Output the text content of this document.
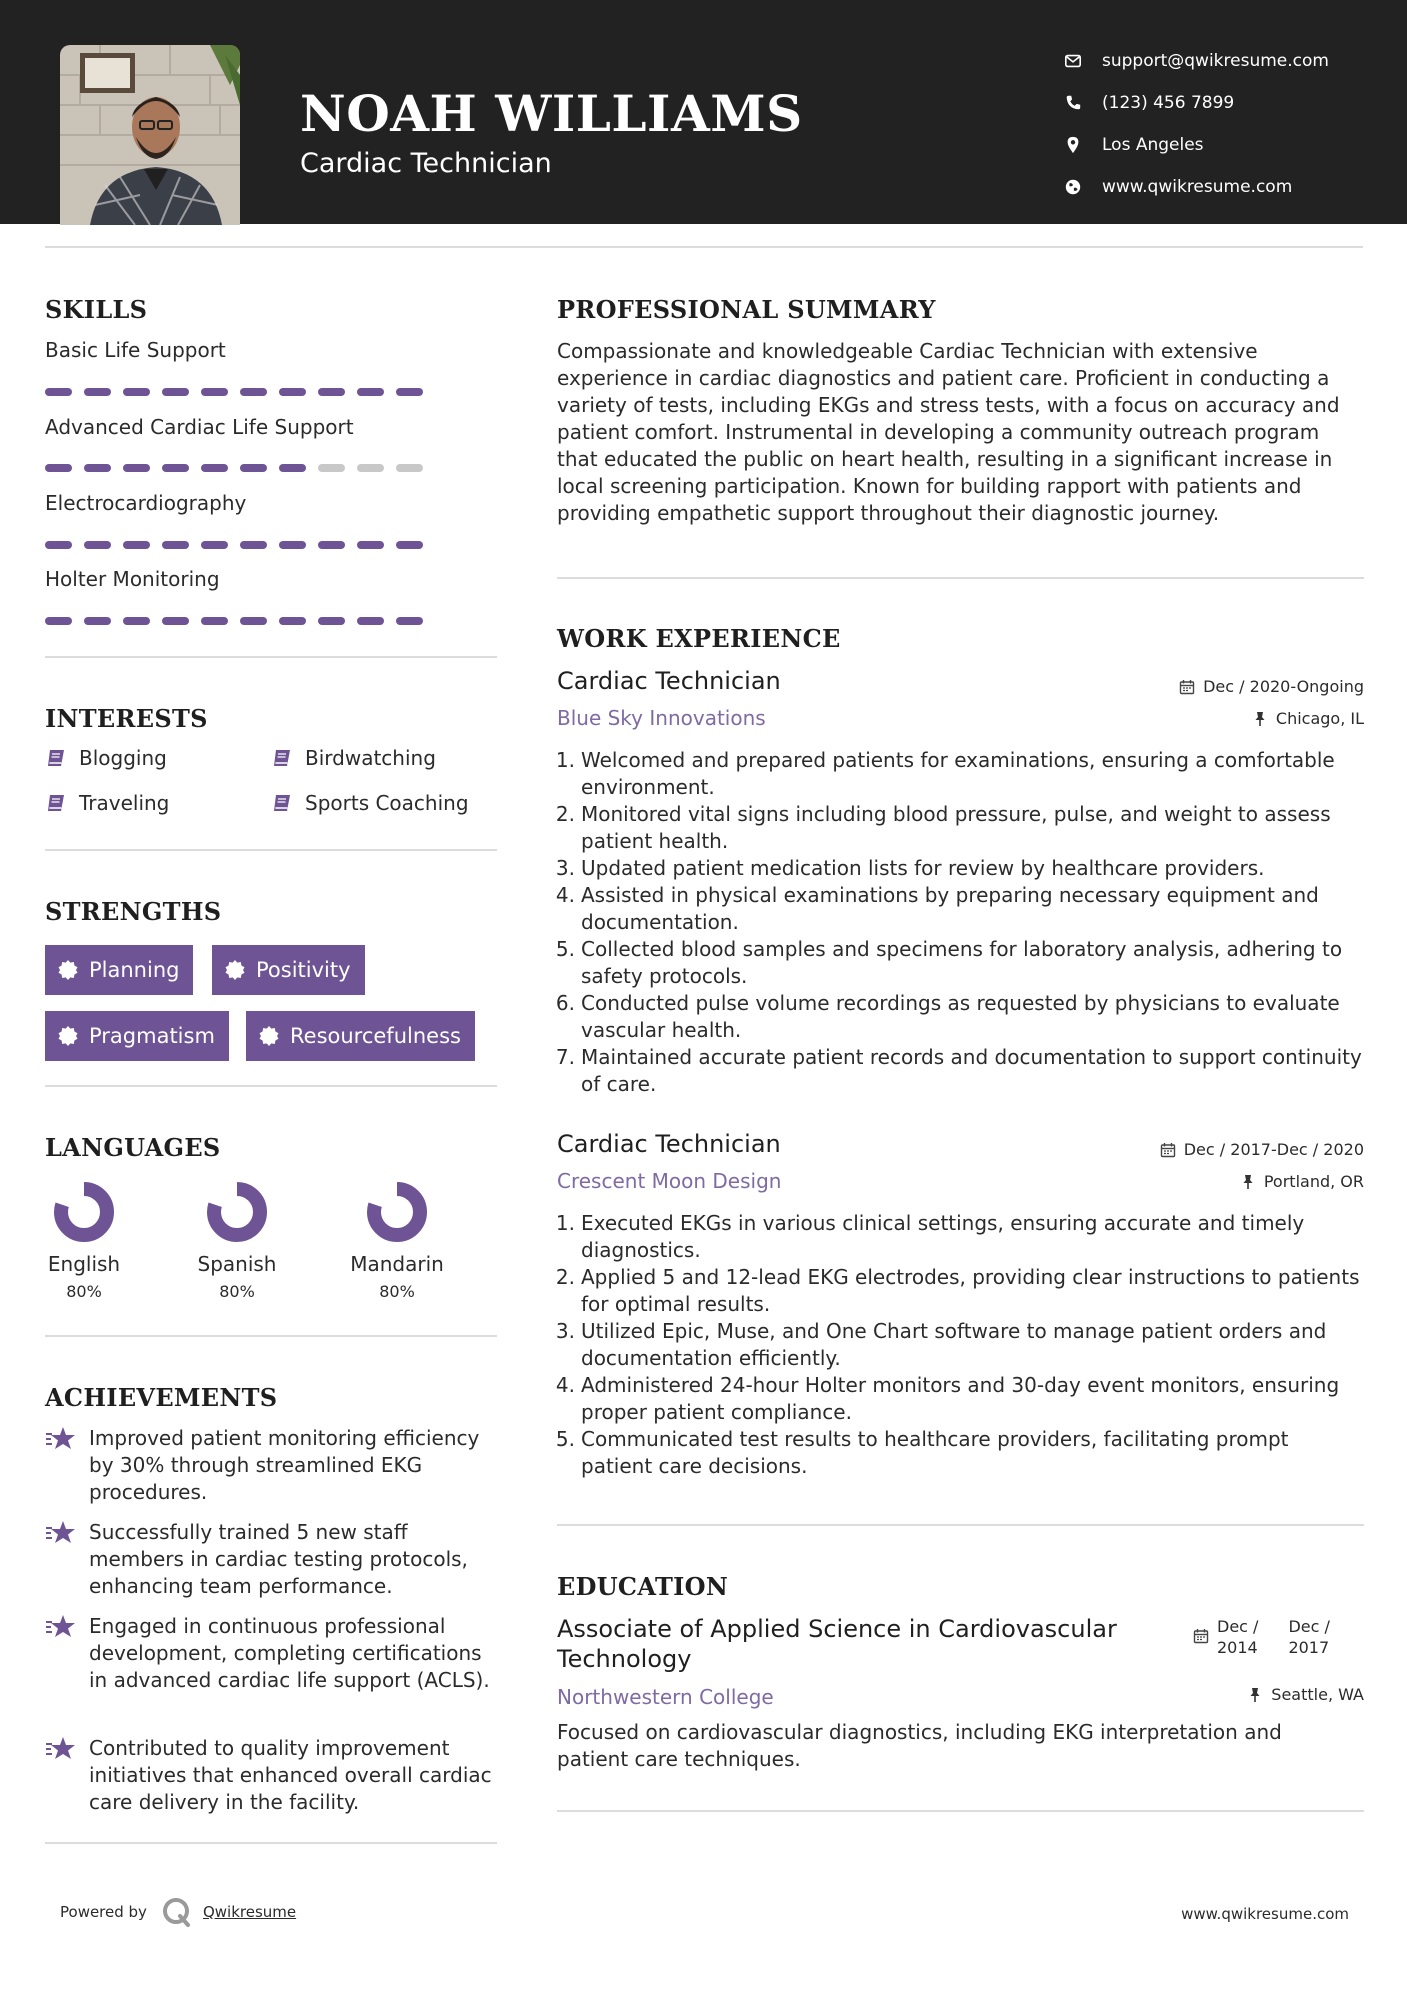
NOAH WILLIAMS
Cardiac Technician
support@qwikresume.com
(123) 456 7899
Los Angeles
www.qwikresume.com
SKILLS
Basic Life Support
Advanced Cardiac Life Support
Electrocardiography
Holter Monitoring
INTERESTS
Blogging	Birdwatching
Traveling	Sports Coaching
STRENGTHS
Planning	Positivity
Pragmatism	Resourcefulness
LANGUAGES
English
80%
Spanish
80%
Mandarin
80%
ACHIEVEMENTS
Improved patient monitoring efficiency by 30% through streamlined EKG procedures.
Successfully trained 5 new staff members in cardiac testing protocols, enhancing team performance.
Engaged in continuous professional development, completing certifications in advanced cardiac life support (ACLS).
Contributed to quality improvement initiatives that enhanced overall cardiac care delivery in the facility.
PROFESSIONAL SUMMARY
Compassionate and knowledgeable Cardiac Technician with extensive experience in cardiac diagnostics and patient care. Proficient in conducting a variety of tests, including EKGs and stress tests, with a focus on accuracy and patient comfort. Instrumental in developing a community outreach program that educated the public on heart health, resulting in a significant increase in local screening participation. Known for building rapport with patients and providing empathetic support throughout their diagnostic journey.
WORK EXPERIENCE
Cardiac Technician	Dec / 2020-Ongoing
Blue Sky Innovations	Chicago, IL
1. Welcomed and prepared patients for examinations, ensuring a comfortable environment.
2. Monitored vital signs including blood pressure, pulse, and weight to assess patient health.
3. Updated patient medication lists for review by healthcare providers.
4. Assisted in physical examinations by preparing necessary equipment and documentation.
5. Collected blood samples and specimens for laboratory analysis, adhering to safety protocols.
6. Conducted pulse volume recordings as requested by physicians to evaluate vascular health.
7. Maintained accurate patient records and documentation to support continuity of care.
Cardiac Technician	Dec / 2017-Dec / 2020
Crescent Moon Design	Portland, OR
1. Executed EKGs in various clinical settings, ensuring accurate and timely diagnostics.
2. Applied 5 and 12-lead EKG electrodes, providing clear instructions to patients for optimal results.
3. Utilized Epic, Muse, and One Chart software to manage patient orders and documentation efficiently.
4. Administered 24-hour Holter monitors and 30-day event monitors, ensuring proper patient compliance.
5. Communicated test results to healthcare providers, facilitating prompt patient care decisions.
EDUCATION
Associate of Applied Science in Cardiovascular Technology
Dec /
2014
Dec /
2017
Northwestern College	Seattle, WA
Focused on cardiovascular diagnostics, including EKG interpretation and patient care techniques.
Powered by	Qwikresume	www.qwikresume.com
